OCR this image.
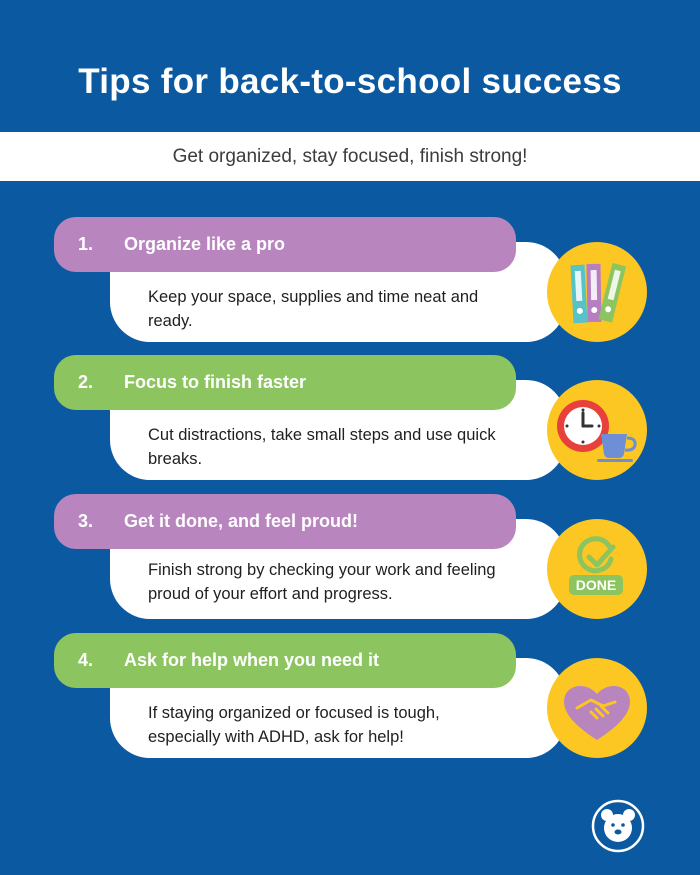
Tips for back-to-school success
Get organized, stay focused, finish strong!
1.	Organize like a pro
Keep your space, supplies and time neat and ready.
2.	Focus to finish faster
Cut distractions, take small steps and use quick breaks.
3.	Get it done, and feel proud!
Finish strong by checking your work and feeling proud of your effort and progress.	DONE
4.	Ask for help when you need it
If staying organized or focused is tough, especially with ADHD, ask for help!
